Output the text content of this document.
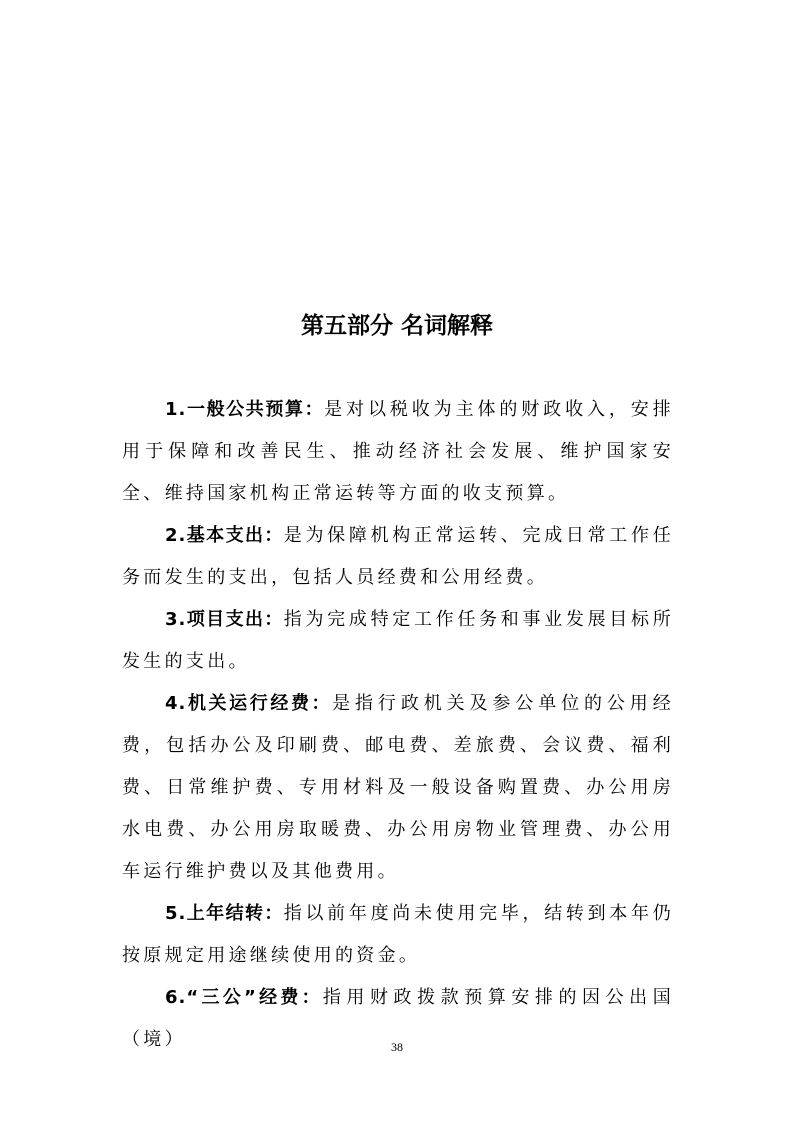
第五部分 名词解释

1.一般公共预算：是对以税收为主体的财政收入，安排用于保障和改善民生、推动经济社会发展、维护国家安全、维持国家机构正常运转等方面的收支预算。

2.基本支出：是为保障机构正常运转、完成日常工作任务而发生的支出，包括人员经费和公用经费。

3.项目支出：指为完成特定工作任务和事业发展目标所发生的支出。

4.机关运行经费：是指行政机关及参公单位的公用经费，包括办公及印刷费、邮电费、差旅费、会议费、福利费、日常维护费、专用材料及一般设备购置费、办公用房水电费、办公用房取暖费、办公用房物业管理费、办公用车运行维护费以及其他费用。

5.上年结转：指以前年度尚未使用完毕，结转到本年仍按原规定用途继续使用的资金。

6.“三公”经费：指用财政拨款预算安排的因公出国（境）	38
